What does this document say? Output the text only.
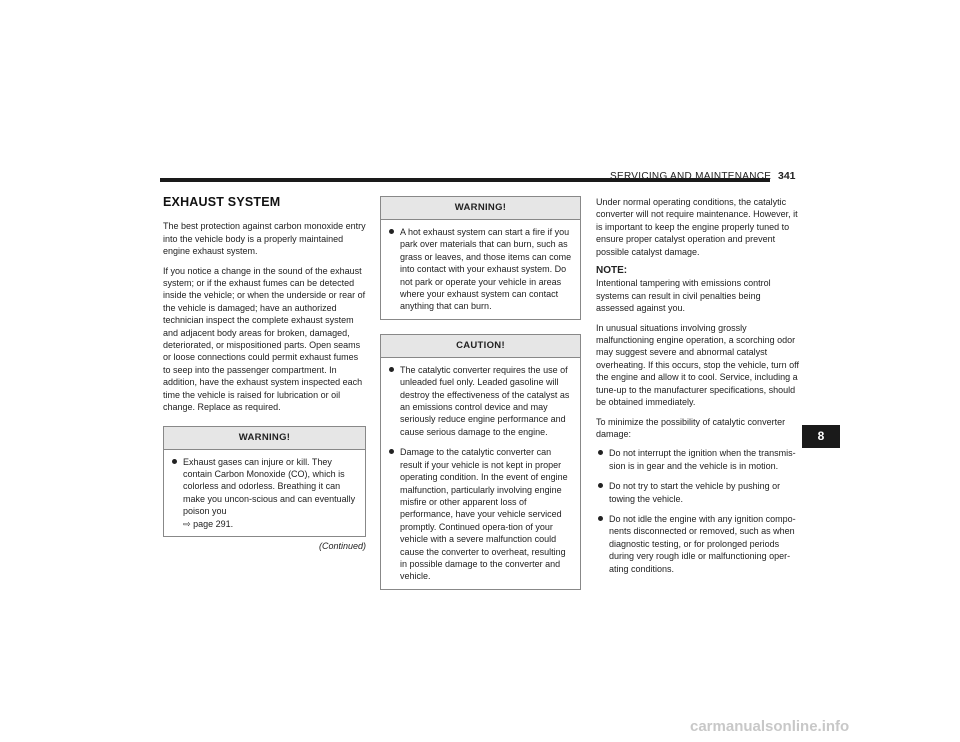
SERVICING AND MAINTENANCE 341
EXHAUST SYSTEM

The best protection against carbon monoxide entry into the vehicle body is a properly maintained engine exhaust system.

If you notice a change in the sound of the exhaust system; or if the exhaust fumes can be detected inside the vehicle; or when the underside or rear of the vehicle is damaged; have an authorized technician inspect the complete exhaust system and adjacent body areas for broken, damaged, deteriorated, or mispositioned parts. Open seams or loose connections could permit exhaust fumes to seep into the passenger compartment. In addition, have the exhaust system inspected each time the vehicle is raised for lubrication or oil change. Replace as required.

WARNING!
Exhaust gases can injure or kill. They contain Carbon Monoxide (CO), which is colorless and odorless. Breathing it can make you uncon-scious and can eventually poison you
⇨ page 291.
(Continued)
WARNING!
A hot exhaust system can start a fire if you park over materials that can burn, such as grass or leaves, and those items can come into contact with your exhaust system. Do not park or operate your vehicle in areas where your exhaust system can contact anything that can burn.
CAUTION!
The catalytic converter requires the use of unleaded fuel only. Leaded gasoline will destroy the effectiveness of the catalyst as an emissions control device and may seriously reduce engine performance and cause serious damage to the engine.
Damage to the catalytic converter can result if your vehicle is not kept in proper operating condition. In the event of engine malfunction, particularly involving engine misfire or other apparent loss of performance, have your vehicle serviced promptly. Continued opera-tion of your vehicle with a severe malfunction could cause the converter to overheat, resulting in possible damage to the converter and vehicle.

Under normal operating conditions, the catalytic converter will not require maintenance. However, it is important to keep the engine properly tuned to ensure proper catalyst operation and prevent possible catalyst damage.

NOTE:

Intentional tampering with emissions control systems can result in civil penalties being assessed against you.

In unusual situations involving grossly malfunctioning engine operation, a scorching odor may suggest severe and abnormal catalyst overheating. If this occurs, stop the vehicle, turn off the engine and allow it to cool. Service, including a tune-up to the manufacturer specifications, should be obtained immediately.

To minimize the possibility of catalytic converter damage:

Do not interrupt the ignition when the transmis-sion is in gear and the vehicle is in motion.
Do not try to start the vehicle by pushing or towing the vehicle.
Do not idle the engine with any ignition compo-nents disconnected or removed, such as when diagnostic testing, or for prolonged periods during very rough idle or malfunctioning oper-ating conditions.
8
carmanualsonline.info
